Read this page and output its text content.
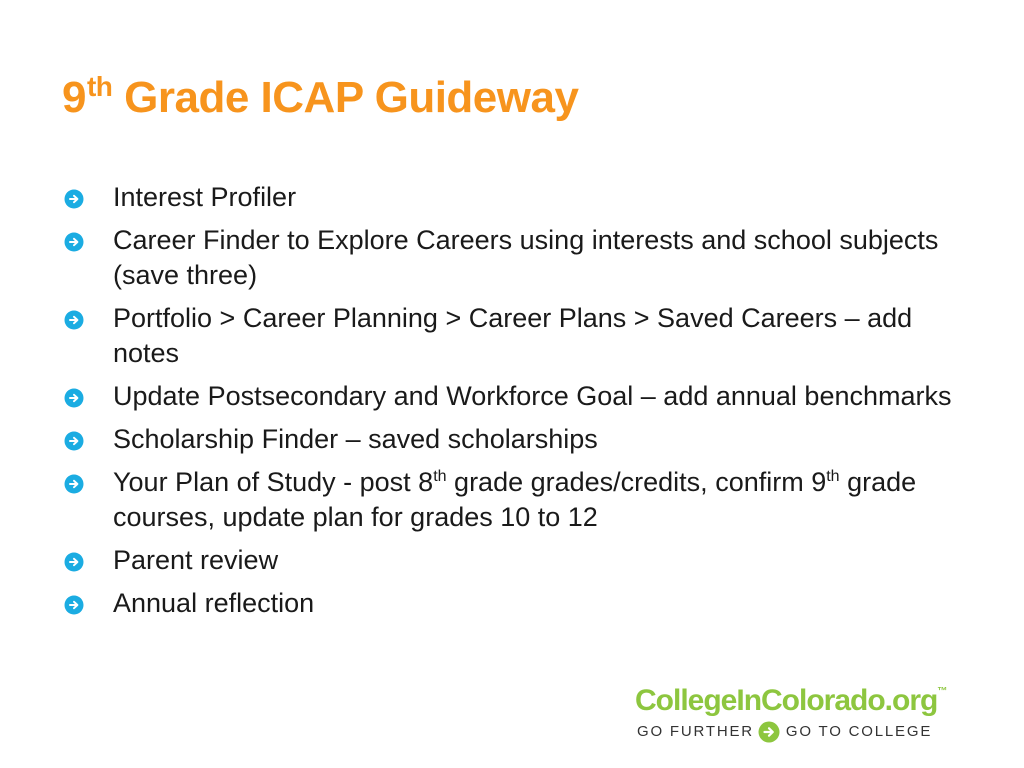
9th Grade ICAP Guideway
Interest Profiler
Career Finder to Explore Careers using interests and school subjects (save three)
Portfolio > Career Planning > Career Plans > Saved Careers – add notes
Update Postsecondary and Workforce Goal – add annual benchmarks
Scholarship Finder – saved scholarships
Your Plan of Study - post 8th grade grades/credits, confirm 9th grade courses, update plan for grades 10 to 12
Parent review
Annual reflection
CollegeInColorado.org™
GO FURTHER GO TO COLLEGE
